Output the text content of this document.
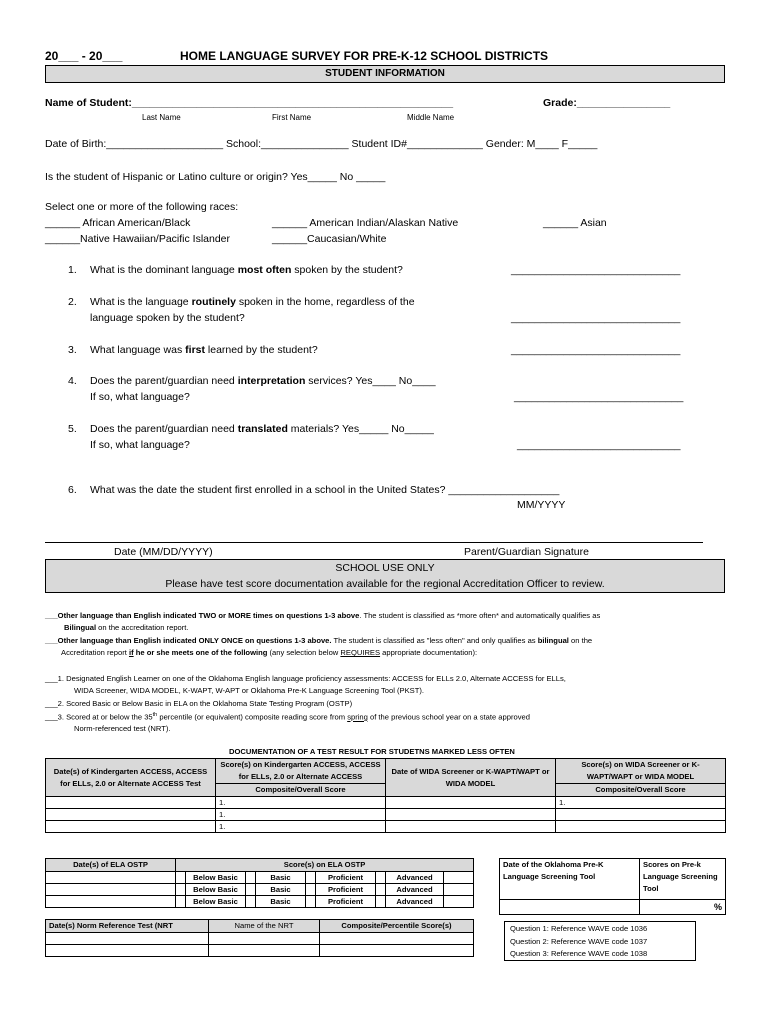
20___ - 20___	HOME LANGUAGE SURVEY FOR PRE-K-12 SCHOOL DISTRICTS
STUDENT INFORMATION
Name of Student:_______________________________________________________	Grade:________________
Last Name	First Name	Middle Name
Date of Birth:____________________ School:_______________ Student ID#_____________ Gender: M____ F_____
Is the student of Hispanic or Latino culture or origin? Yes_____ No _____
Select one or more of the following races:
______ African American/Black	______ American Indian/Alaskan Native	______ Asian
______Native Hawaiian/Pacific Islander	______Caucasian/White
1. What is the dominant language most often spoken by the student?	_____________________________
2. What is the language routinely spoken in the home, regardless of the
language spoken by the student?	_____________________________
3. What language was first learned by the student?	_____________________________
4. Does the parent/guardian need interpretation services? Yes____ No____
If so, what language?	_____________________________
5. Does the parent/guardian need translated materials? Yes_____ No_____
If so, what language?	____________________________
6. What was the date the student first enrolled in a school in the United States? ___________________
MM/YYYY
Date (MM/DD/YYYY)	Parent/Guardian Signature
SCHOOL USE ONLY
Please have test score documentation available for the regional Accreditation Officer to review.
___Other language than English indicated TWO or MORE times on questions 1-3 above. The student is classified as *more often* and automatically qualifies as
Bilingual on the accreditation report.
___Other language than English indicated ONLY ONCE on questions 1-3 above. The student is classified as "less often" and only qualifies as bilingual on the
Accreditation report if he or she meets one of the following (any selection below REQUIRES appropriate documentation):
___1. Designated English Learner on one of the Oklahoma English language proficiency assessments: ACCESS for ELLs 2.0, Alternate ACCESS for ELLs,
WIDA Screener, WIDA MODEL, K-WAPT, W-APT or Oklahoma Pre-K Language Screening Tool (PKST).
___2. Scored Basic or Below Basic in ELA on the Oklahoma State Testing Program (OSTP)
___3. Scored at or below the 35th percentile (or equivalent) composite reading score from spring of the previous school year on a state approved
Norm-referenced test (NRT).
DOCUMENTATION OF A TEST RESULT FOR STUDETNS MARKED LESS OFTEN
Date(s) of Kindergarten ACCESS, ACCESS for ELLs, 2.0 or Alternate ACCESS Test	Score(s) on Kindergarten ACCESS, ACCESS for ELLs, 2.0 or Alternate ACCESS	Date of WIDA Screener or K-WAPT/WAPT or WIDA MODEL	Score(s) on WIDA Screener or K-WAPT/WAPT or WIDA MODEL
	Composite/Overall Score		Composite/Overall Score
	1.		1.
	1.		
	1.		
Date(s) of ELA OSTP	Score(s) on ELA OSTP								
		Below Basic		Basic		Proficient		Advanced	
		Below Basic		Basic		Proficient		Advanced	
		Below Basic		Basic		Proficient		Advanced	
Date of the Oklahoma Pre-K Language Screening Tool	Scores on Pre-k Language Screening Tool
	%
Date(s) Norm Reference Test (NRT	Name of the NRT	Composite/Percentile Score(s)

			Question 1: Reference WAVE code 1036
Question 2: Reference WAVE code 1037
Question 3: Reference WAVE code 1038
